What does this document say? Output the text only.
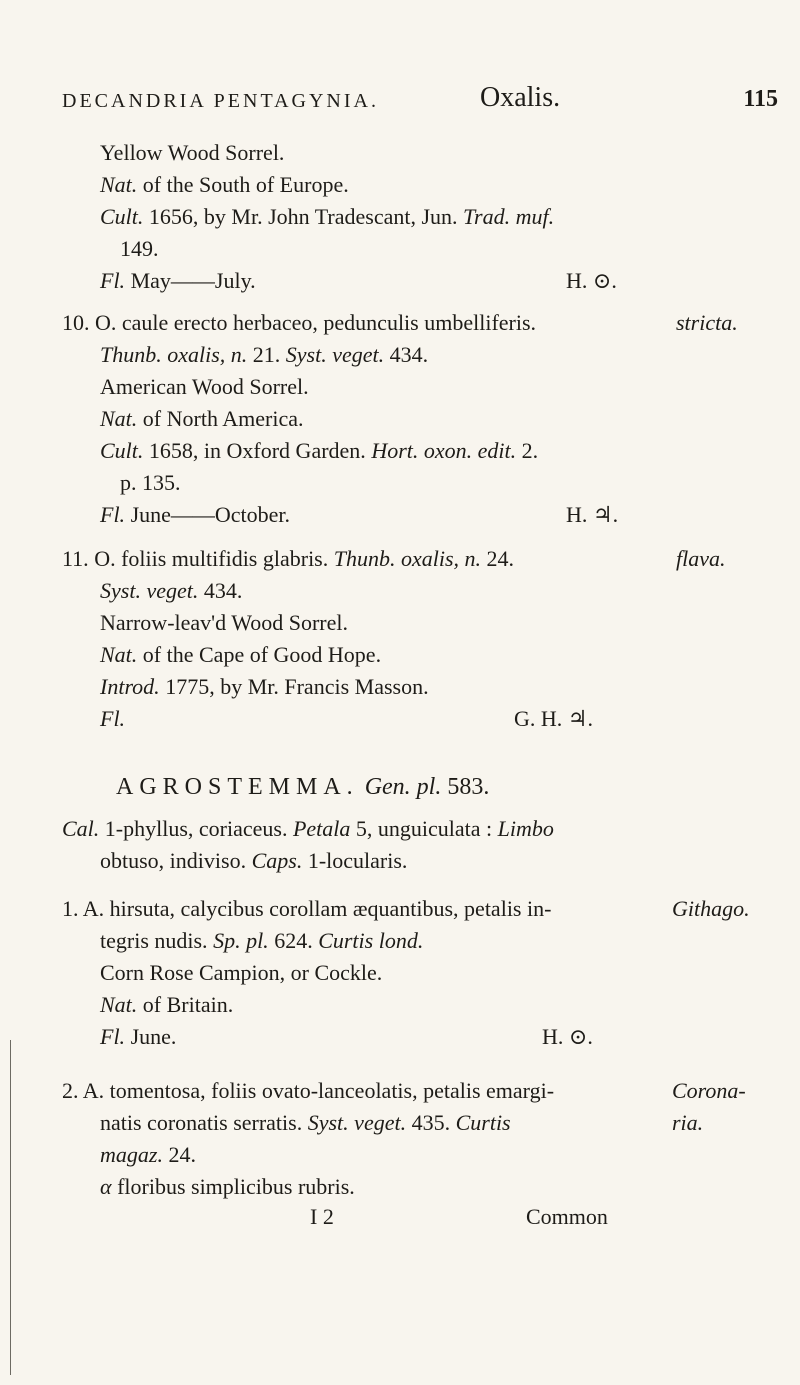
DECANDRIA PENTAGYNIA.	Oxalis.	115
Yellow Wood Sorrel.
Nat. of the South of Europe.
Cult. 1656, by Mr. John Tradescant, Jun. Trad. muf.
149.
Fl. May——July.	H. ⊙.
10. O. caule erecto herbaceo, pedunculis umbelliferis.	stricta.
Thunb. oxalis, n. 21. Syst. veget. 434.
American Wood Sorrel.
Nat. of North America.
Cult. 1658, in Oxford Garden. Hort. oxon. edit. 2.
p. 135.
Fl. June——October.	H. ♃.
11. O. foliis multifidis glabris. Thunb. oxalis, n. 24.	flava.
Syst. veget. 434.
Narrow-leav'd Wood Sorrel.
Nat. of the Cape of Good Hope.
Introd. 1775, by Mr. Francis Masson.
Fl.	G. H. ♃.
AGROSTEMMA. Gen. pl. 583.
Cal. 1-phyllus, coriaceus. Petala 5, unguiculata : Limbo
obtuso, indiviso. Caps. 1-locularis.
1. A. hirsuta, calycibus corollam æquantibus, petalis in-	Githago.
tegris nudis. Sp. pl. 624. Curtis lond.
Corn Rose Campion, or Cockle.
Nat. of Britain.
Fl. June.	H. ⊙.
2. A. tomentosa, foliis ovato-lanceolatis, petalis emargi-	Corona-
natis coronatis serratis. Syst. veget. 435. Curtis	ria.
magaz. 24.
α floribus simplicibus rubris.
I 2	Common
